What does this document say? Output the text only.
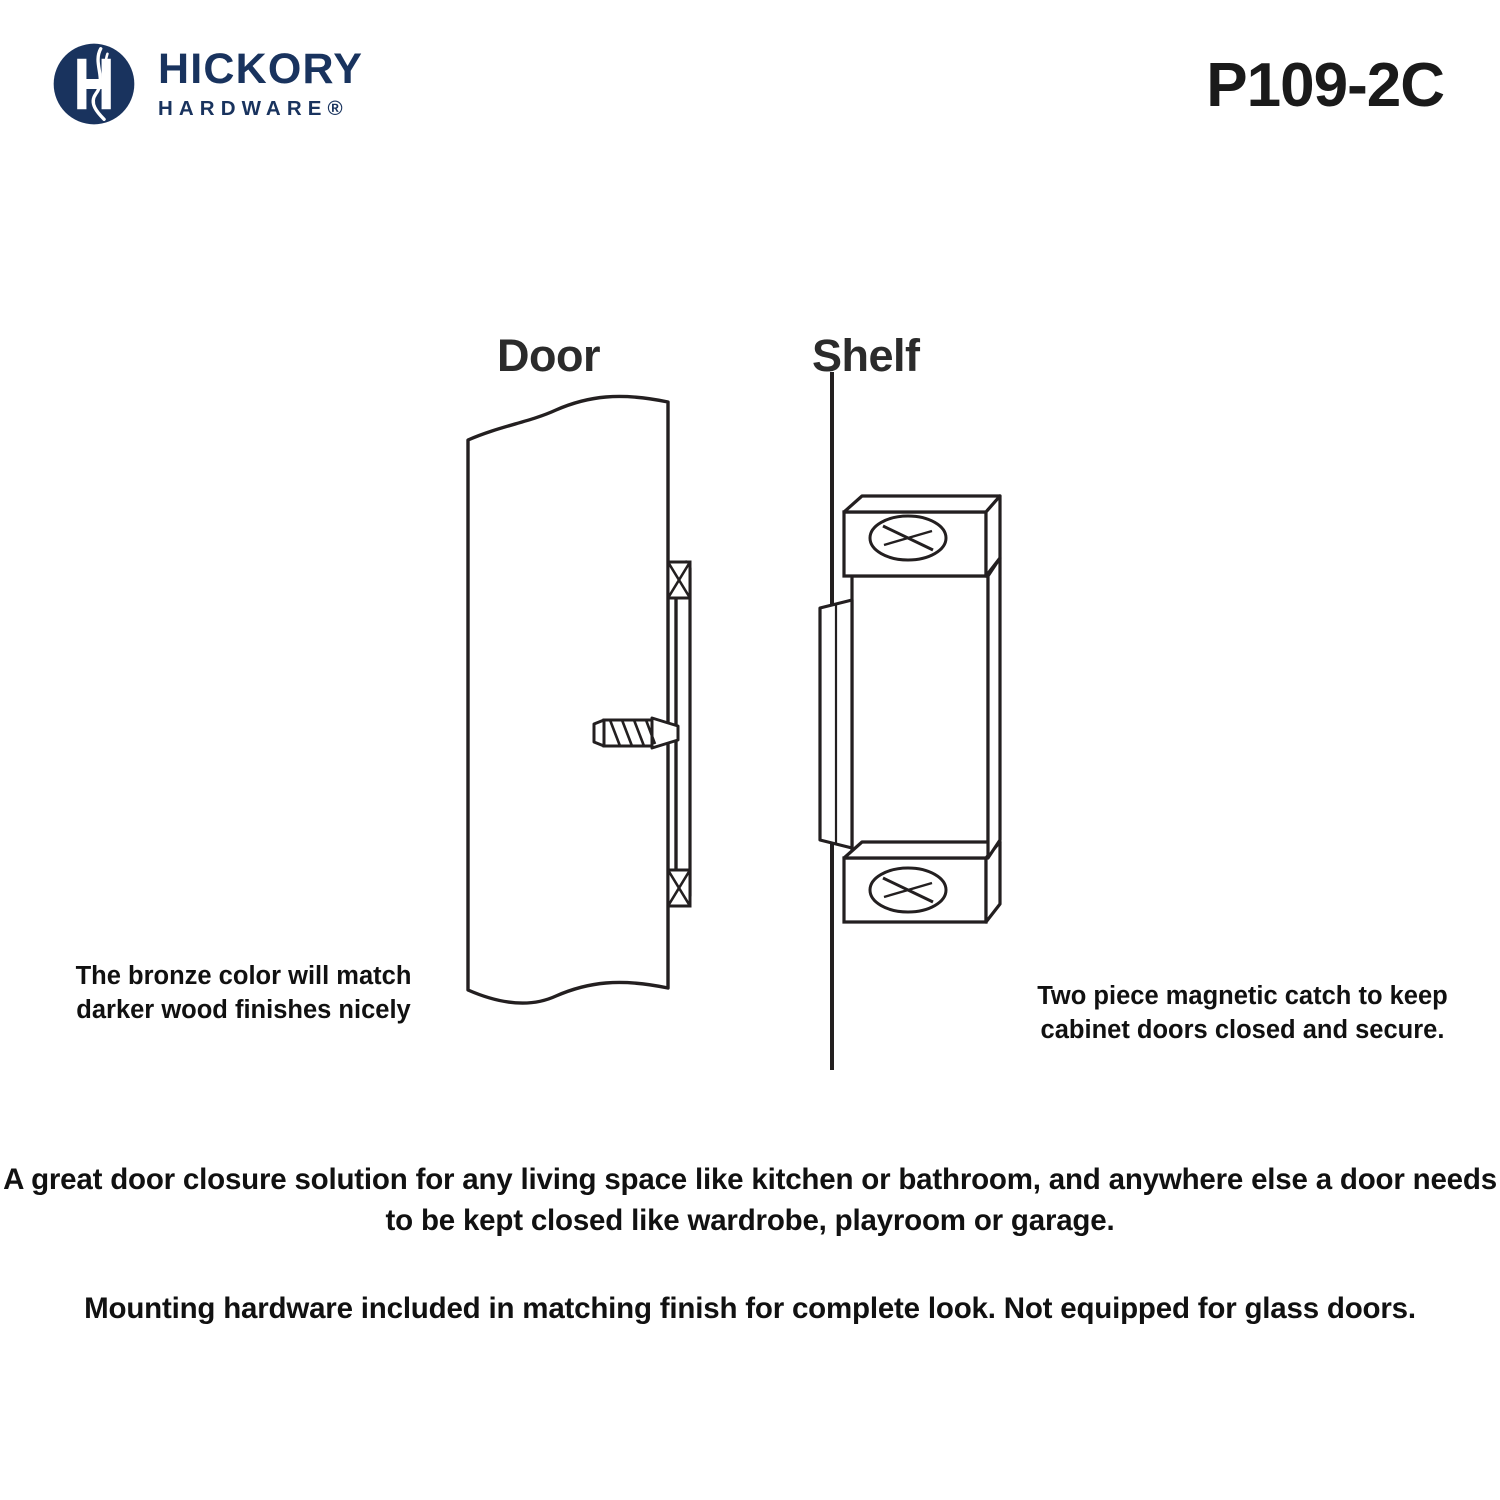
HICKORY
HARDWARE®	P109-2C
Door	Shelf
The bronze color will match darker wood finishes nicely	Two piece magnetic catch to keep cabinet doors closed and secure.

A great door closure solution for any living space like kitchen or bathroom, and anywhere else a door needs to be kept closed like wardrobe, playroom or garage.

Mounting hardware included in matching finish for complete look. Not equipped for glass doors.
